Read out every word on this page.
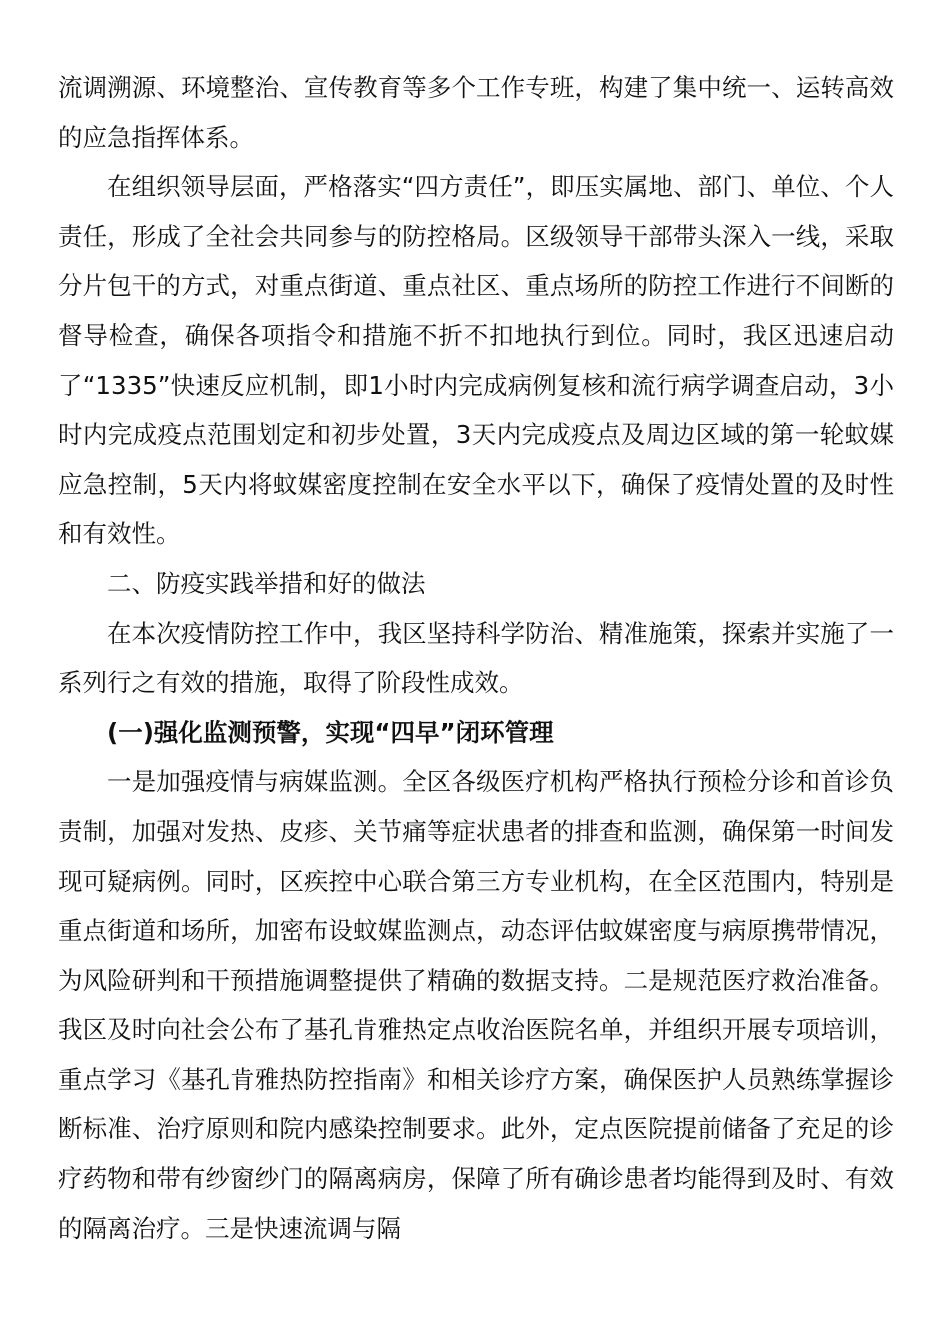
流调溯源、环境整治、宣传教育等多个工作专班，构建了集中统一、运转高效的应急指挥体系。

在组织领导层面，严格落实“四方责任”，即压实属地、部门、单位、个人责任，形成了全社会共同参与的防控格局。区级领导干部带头深入一线，采取分片包干的方式，对重点街道、重点社区、重点场所的防控工作进行不间断的督导检查，确保各项指令和措施不折不扣地执行到位。同时，我区迅速启动了“1335”快速反应机制，即1小时内完成病例复核和流行病学调查启动，3小时内完成疫点范围划定和初步处置，3天内完成疫点及周边区域的第一轮蚊媒应急控制，5天内将蚊媒密度控制在安全水平以下，确保了疫情处置的及时性和有效性。

二、防疫实践举措和好的做法

在本次疫情防控工作中，我区坚持科学防治、精准施策，探索并实施了一系列行之有效的措施，取得了阶段性成效。

(一)强化监测预警，实现“四早”闭环管理

一是加强疫情与病媒监测。全区各级医疗机构严格执行预检分诊和首诊负责制，加强对发热、皮疹、关节痛等症状患者的排查和监测，确保第一时间发现可疑病例。同时，区疾控中心联合第三方专业机构，在全区范围内，特别是重点街道和场所，加密布设蚊媒监测点，动态评估蚊媒密度与病原携带情况，为风险研判和干预措施调整提供了精确的数据支持。二是规范医疗救治准备。我区及时向社会公布了基孔肯雅热定点收治医院名单，并组织开展专项培训，重点学习《基孔肯雅热防控指南》和相关诊疗方案，确保医护人员熟练掌握诊断标准、治疗原则和院内感染控制要求。此外，定点医院提前储备了充足的诊疗药物和带有纱窗纱门的隔离病房，保障了所有确诊患者均能得到及时、有效的隔离治疗。三是快速流调与隔
